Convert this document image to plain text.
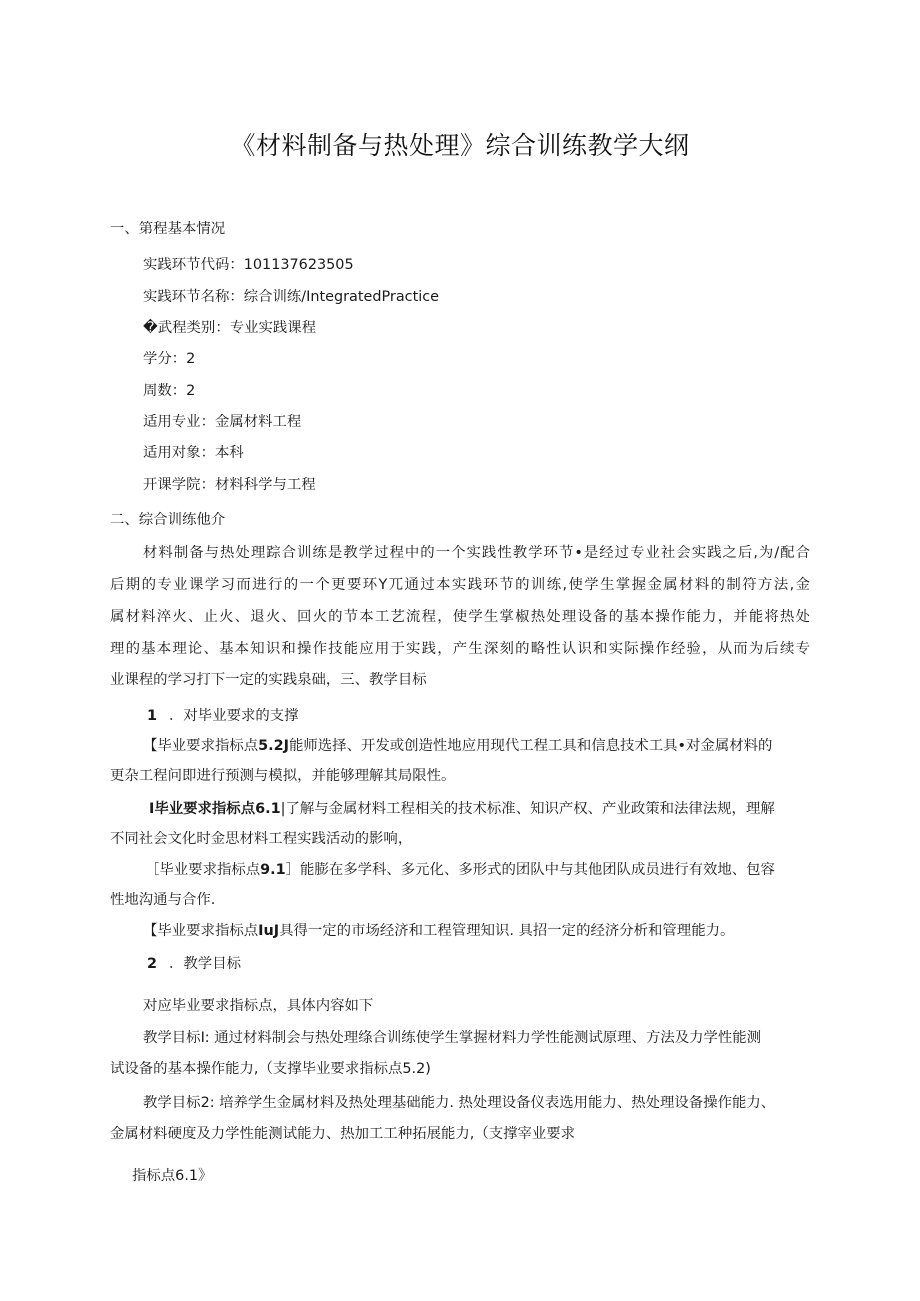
《材料制备与热处理》综合训练教学大纲
一、第程基本情况
实践环节代码：101137623505
实践环节名称：综合训练/IntegratedPractice
�武程类别：专业实践课程
学分：2
周数：2
适用专业：金属材料工程
适用对象：本科
开课学院：材料科学与工程
二、综合训练他介
材料制备与热处理踪合训练是教学过程中的一个实践性教学环节•是经过专业社会实践之后,为/配合
后期的专业课学习而进行的一个更要环Y兀通过本实践环节的训练,使学生掌握金属材料的制符方法,金
属材料淬火、止火、退火、回火的节本工艺流程，使学生掌椒热处理设备的基本操作能力，并能将热处
理的基本理论、基本知识和操作技能应用于实践，产生深刻的略性认识和实际操作经验，从而为后续专
业课程的学习打下一定的实践泉础，三、教学目标
1 ．对毕业要求的支撑
【毕业要求指标点5.2J能师选择、开发或创造性地应用现代工程工具和信息技术工具•对金属材料的
更杂工程问即进行预测与模拟，并能够理解其局限性。
I毕业要求指标点6.1|了解与金属材料工程相关的技术标准、知识产权、产业政策和法律法规，理解
不同社会文化时金思材料工程实践活动的影响，
［毕业要求指标点9.1］能膨在多学科、多元化、多形式的团队中与其他团队成员进行有效地、包容
性地沟通与合作.
【毕业要求指标点IuJ具得一定的市场经济和工程管理知识. 具招一定的经济分析和管理能力。
2 ．教学目标
对应毕业要求指标点，具体内容如下
教学目标I: 通过材料制会与热处理绦合训练使学生掌握材料力学性能测试原理、方法及力学性能测
试设备的基本操作能力,（支撑毕业要求指标点5.2)
教学目标2: 培养学生金属材料及热处理基础能力. 热处理设备仪表选用能力、热处理设备操作能力、
金属材料硬度及力学性能测试能力、热加工工种拓展能力,（支撑宰业要求
指标点6.1》
